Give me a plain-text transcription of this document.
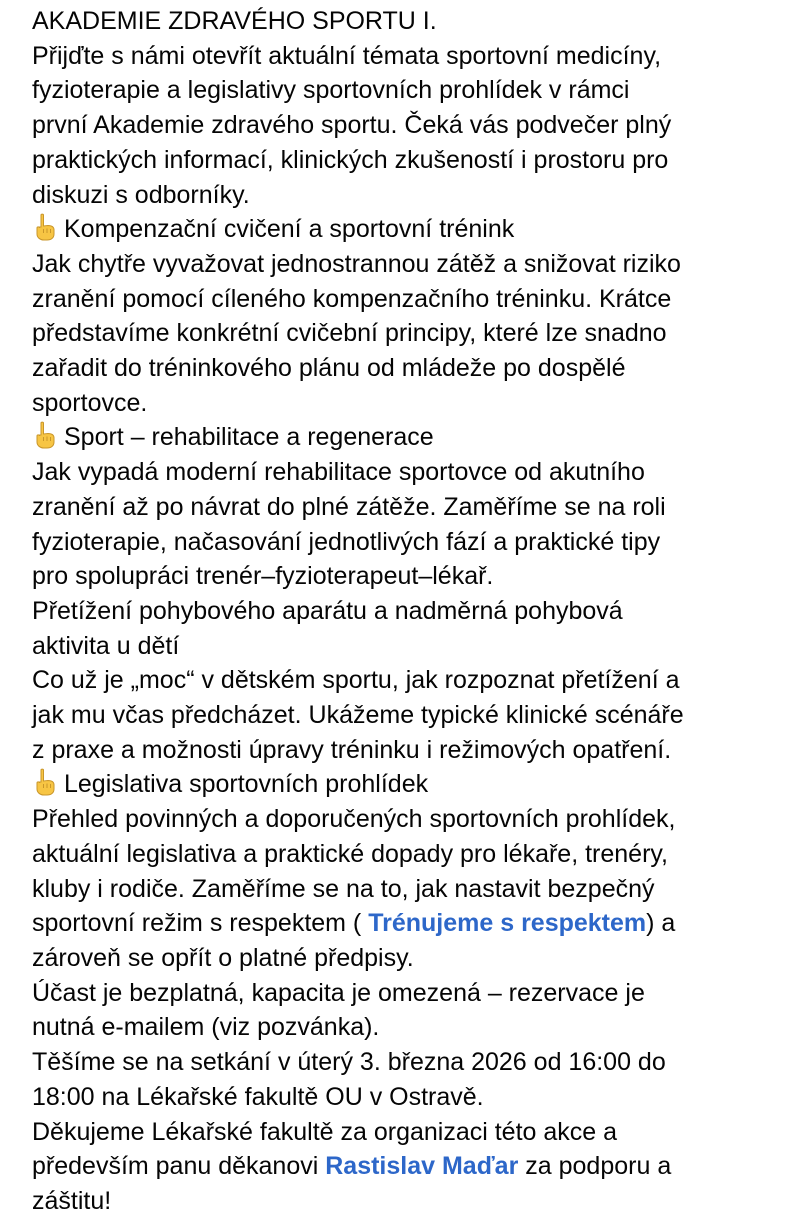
AKADEMIE ZDRAVÉHO SPORTU I.
Přijďte s námi otevřít aktuální témata sportovní medicíny,
fyzioterapie a legislativy sportovních prohlídek v rámci
první Akademie zdravého sportu. Čeká vás podvečer plný
praktických informací, klinických zkušeností i prostoru pro
diskuzi s odborníky.
Kompenzační cvičení a sportovní trénink
Jak chytře vyvažovat jednostrannou zátěž a snižovat riziko
zranění pomocí cíleného kompenzačního tréninku. Krátce
představíme konkrétní cvičební principy, které lze snadno
zařadit do tréninkového plánu od mládeže po dospělé
sportovce.
Sport – rehabilitace a regenerace
Jak vypadá moderní rehabilitace sportovce od akutního
zranění až po návrat do plné zátěže. Zaměříme se na roli
fyzioterapie, načasování jednotlivých fází a praktické tipy
pro spolupráci trenér–fyzioterapeut–lékař.
Přetížení pohybového aparátu a nadměrná pohybová
aktivita u dětí
Co už je „moc“ v dětském sportu, jak rozpoznat přetížení a
jak mu včas předcházet. Ukážeme typické klinické scénáře
z praxe a možnosti úpravy tréninku i režimových opatření.
Legislativa sportovních prohlídek
Přehled povinných a doporučených sportovních prohlídek,
aktuální legislativa a praktické dopady pro lékaře, trenéry,
kluby i rodiče. Zaměříme se na to, jak nastavit bezpečný
sportovní režim s respektem ( Trénujeme s respektem) a
zároveň se opřít o platné předpisy.
Účast je bezplatná, kapacita je omezená – rezervace je
nutná e-mailem (viz pozvánka).
Těšíme se na setkání v úterý 3. března 2026 od 16:00 do
18:00 na Lékařské fakultě OU v Ostravě.
Děkujeme Lékařské fakultě za organizaci této akce a
především panu děkanovi Rastislav Maďar za podporu a
záštitu!
